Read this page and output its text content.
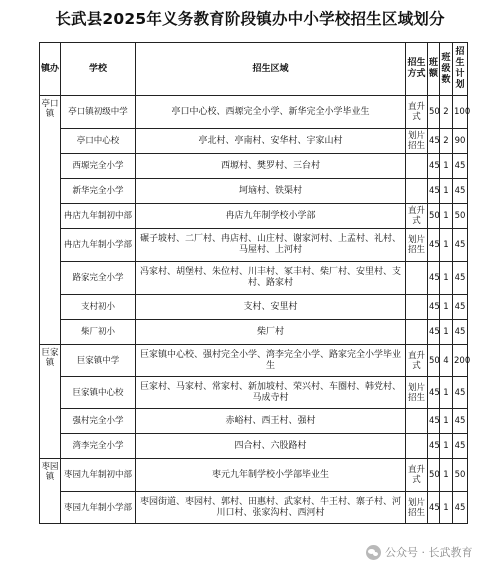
长武县2025年义务教育阶段镇办中小学校招生区域划分
镇办	学校	招生区域	招生方式	班额	班级数	招生计划
亭口镇	亭口镇初级中学	亭口中心校、西塬完全小学、新华完全小学毕业生	直升式	50	2	100
	亭口中心校	亭北村、亭南村、安华村、宇家山村	划片招生	45	2	90
	西塬完全小学	西塬村、樊罗村、三台村		45	1	45
	新华完全小学	坷垴村、铁渠村		45	1	45
	冉店九年制初中部	冉店九年制学校小学部	直升式	50	1	50
	冉店九年制小学部	碾子坡村、二厂村、冉店村、山庄村、谢家河村、上孟村、礼村、马屋村、上河村	划片招生	45	1	45
	路家完全小学	冯家村、胡堡村、朱位村、川丰村、冢丰村、柴厂村、安里村、支村、路家村		45	1	45
	支村初小	支村、安里村		45	1	45
	柴厂初小	柴厂村		45	1	45
巨家镇	巨家镇中学	巨家镇中心校、强村完全小学、湾李完全小学、路家完全小学毕业生	直升式	50	4	200
	巨家镇中心校	巨家村、马家村、常家村、新加坡村、荣兴村、车圈村、韩党村、马成寺村	划片招生	45	1	45
	强村完全小学	赤峪村、西王村、强村		45	1	45
	湾李完全小学	四合村、六股路村		45	1	45
枣园镇	枣园九年制初中部	枣元九年制学校小学部毕业生	直升式	50	1	50
	枣园九年制小学部	枣园街道、枣园村、郭村、田惠村、武家村、牛王村、寨子村、河川口村、张家沟村、西河村	划片招生	45	1	45
公众号 · 长武教育
